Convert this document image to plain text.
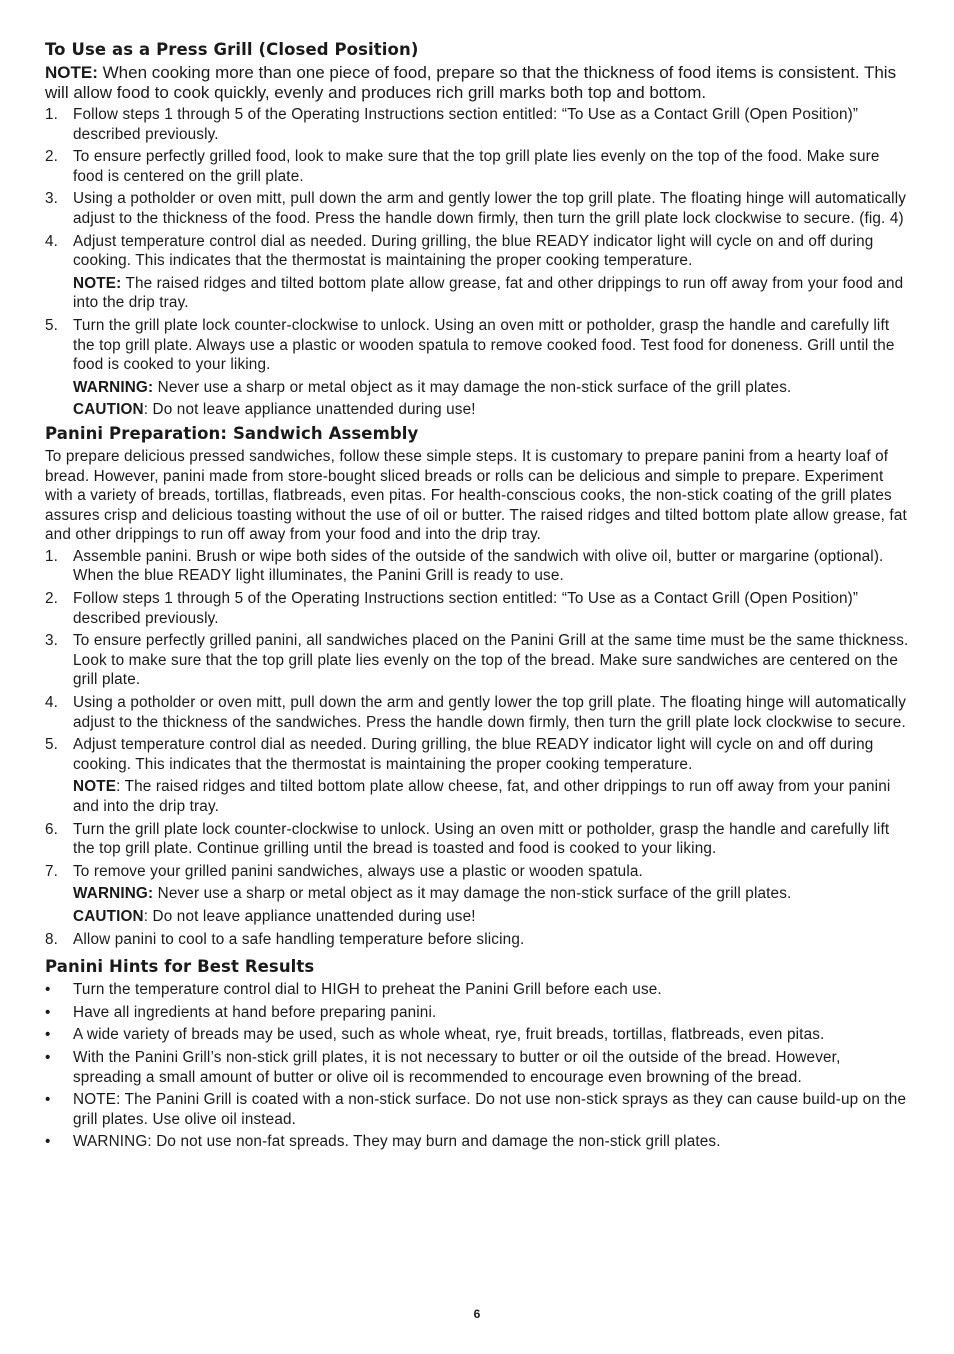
To Use as a Press Grill (Closed Position)

NOTE: When cooking more than one piece of food, prepare so that the thickness of food items is consistent. This will allow food to cook quickly, evenly and produces rich grill marks both top and bottom.

1. Follow steps 1 through 5 of the Operating Instructions section entitled: “To Use as a Contact Grill (Open Position)” described previously.
2. To ensure perfectly grilled food, look to make sure that the top grill plate lies evenly on the top of the food. Make sure food is centered on the grill plate.
3. Using a potholder or oven mitt, pull down the arm and gently lower the top grill plate. The floating hinge will automatically adjust to the thickness of the food. Press the handle down firmly, then turn the grill plate lock clockwise to secure. (fig. 4)
4. Adjust temperature control dial as needed. During grilling, the blue READY indicator light will cycle on and off during cooking. This indicates that the thermostat is maintaining the proper cooking temperature.
NOTE: The raised ridges and tilted bottom plate allow grease, fat and other drippings to run off away from your food and into the drip tray.
5. Turn the grill plate lock counter-clockwise to unlock. Using an oven mitt or potholder, grasp the handle and carefully lift the top grill plate. Always use a plastic or wooden spatula to remove cooked food. Test food for doneness. Grill until the food is cooked to your liking.
WARNING: Never use a sharp or metal object as it may damage the non-stick surface of the grill plates.
CAUTION: Do not leave appliance unattended during use!
Panini Preparation: Sandwich Assembly

To prepare delicious pressed sandwiches, follow these simple steps. It is customary to prepare panini from a hearty loaf of bread. However, panini made from store-bought sliced breads or rolls can be delicious and simple to prepare. Experiment with a variety of breads, tortillas, flatbreads, even pitas. For health-conscious cooks, the non-stick coating of the grill plates assures crisp and delicious toasting without the use of oil or butter. The raised ridges and tilted bottom plate allow grease, fat and other drippings to run off away from your food and into the drip tray.

1. Assemble panini. Brush or wipe both sides of the outside of the sandwich with olive oil, butter or margarine (optional). When the blue READY light illuminates, the Panini Grill is ready to use.
2. Follow steps 1 through 5 of the Operating Instructions section entitled: “To Use as a Contact Grill (Open Position)” described previously.
3. To ensure perfectly grilled panini, all sandwiches placed on the Panini Grill at the same time must be the same thickness. Look to make sure that the top grill plate lies evenly on the top of the bread. Make sure sandwiches are centered on the grill plate.
4. Using a potholder or oven mitt, pull down the arm and gently lower the top grill plate. The floating hinge will automatically adjust to the thickness of the sandwiches. Press the handle down firmly, then turn the grill plate lock clockwise to secure.
5. Adjust temperature control dial as needed. During grilling, the blue READY indicator light will cycle on and off during cooking. This indicates that the thermostat is maintaining the proper cooking temperature.
NOTE: The raised ridges and tilted bottom plate allow cheese, fat, and other drippings to run off away from your panini and into the drip tray.
6. Turn the grill plate lock counter-clockwise to unlock. Using an oven mitt or potholder, grasp the handle and carefully lift the top grill plate. Continue grilling until the bread is toasted and food is cooked to your liking.
7. To remove your grilled panini sandwiches, always use a plastic or wooden spatula.
WARNING: Never use a sharp or metal object as it may damage the non-stick surface of the grill plates.
CAUTION: Do not leave appliance unattended during use!
8. Allow panini to cool to a safe handling temperature before slicing.
Panini Hints for Best Results
• Turn the temperature control dial to HIGH to preheat the Panini Grill before each use.
• Have all ingredients at hand before preparing panini.
• A wide variety of breads may be used, such as whole wheat, rye, fruit breads, tortillas, flatbreads, even pitas.
• With the Panini Grill’s non-stick grill plates, it is not necessary to butter or oil the outside of the bread. However, spreading a small amount of butter or olive oil is recommended to encourage even browning of the bread.
• NOTE: The Panini Grill is coated with a non-stick surface. Do not use non-stick sprays as they can cause build-up on the grill plates. Use olive oil instead.
• WARNING: Do not use non-fat spreads. They may burn and damage the non-stick grill plates.
6
